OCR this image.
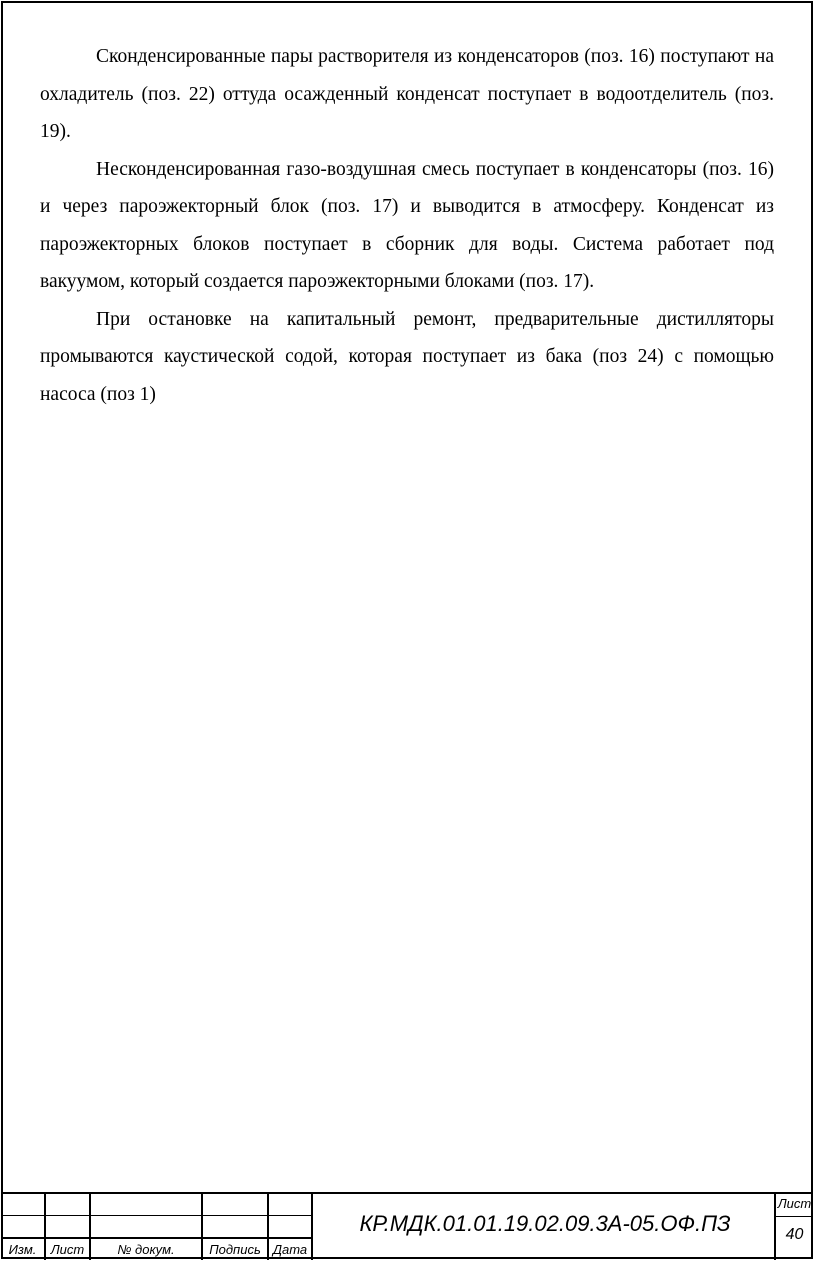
Сконденсированные пары растворителя из конденсаторов (поз. 16) поступают на охладитель (поз. 22) оттуда осажденный конденсат поступает в водоотделитель (поз. 19).

Несконденсированная газо-воздушная смесь поступает в конденсаторы (поз. 16) и через пароэжекторный блок (поз. 17) и выводится в атмосферу. Конденсат из пароэжекторных блоков поступает в сборник для воды. Система работает под вакуумом, который создается пароэжекторными блоками (поз. 17).

При остановке на капитальный ремонт, предварительные дистилляторы промываются каустической содой, которая поступает из бака (поз 24) с помощью насоса (поз 1)

Изм.	Лист	№ докум.	Подпись Дата
КР.МДК.01.01.19.02.09.3А-05.ОФ.ПЗ
Лист
40
